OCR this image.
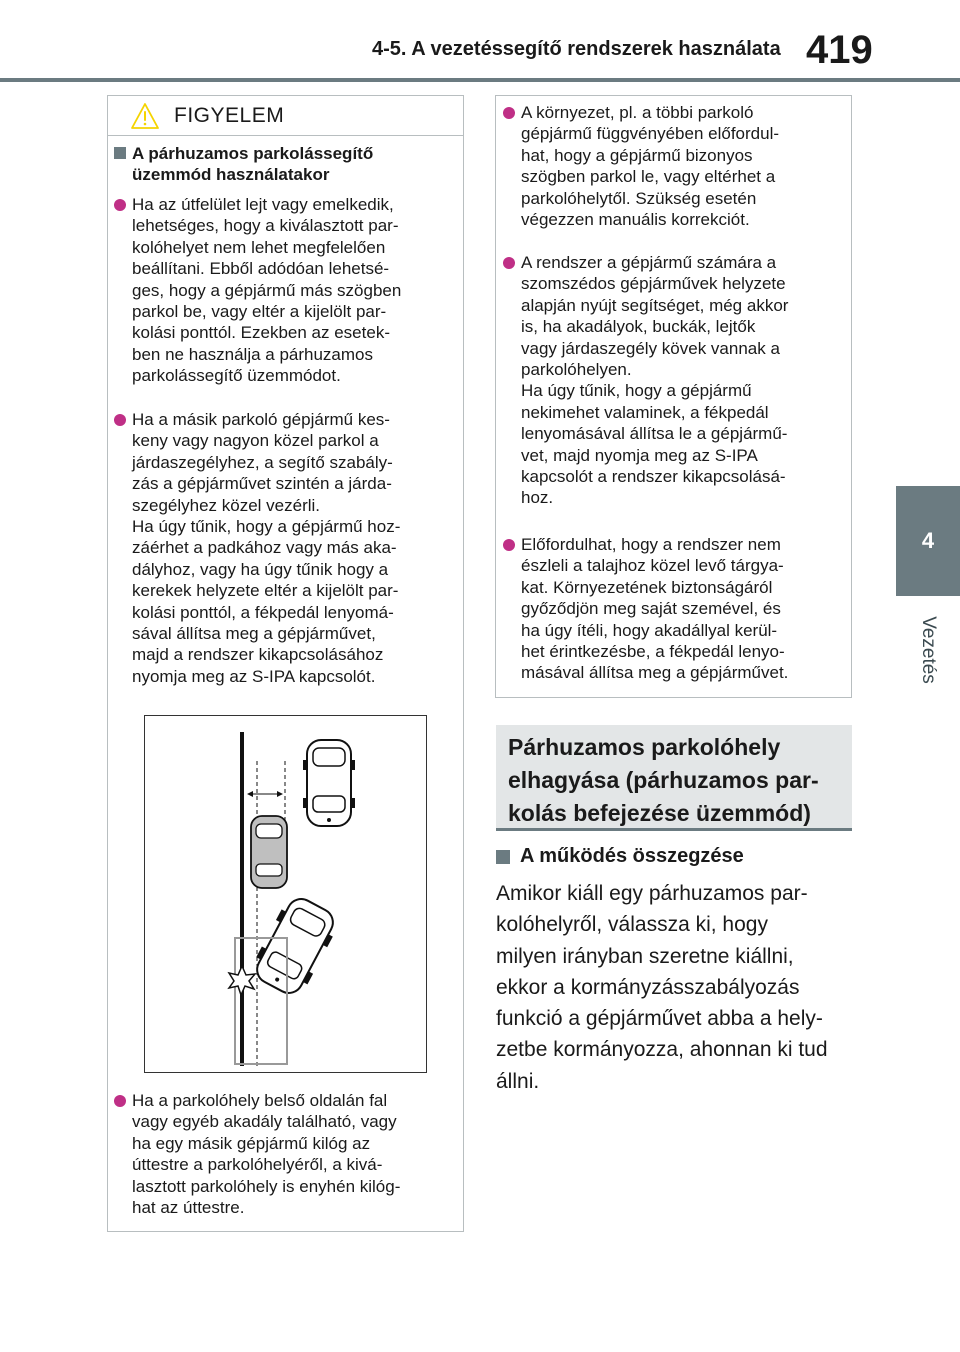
4-5. A vezetéssegítő rendszerek használata 419
4
Vezetés
FIGYELEM

A párhuzamos parkolássegítő
üzemmód használatakor

Ha az útfelület lejt vagy emelkedik,
lehetséges, hogy a kiválasztott par-
kolóhelyet nem lehet megfelelően
beállítani. Ebből adódóan lehetsé-
ges, hogy a gépjármű más szögben
parkol be, vagy eltér a kijelölt par-
kolási ponttól. Ezekben az esetek-
ben ne használja a párhuzamos
parkolássegítő üzemmódot.

Ha a másik parkoló gépjármű kes-
keny vagy nagyon közel parkol a
járdaszegélyhez, a segítő szabály-
zás a gépjárművet szintén a járda-
szegélyhez közel vezérli.
Ha úgy tűnik, hogy a gépjármű hoz-
záérhet a padkához vagy más aka-
dályhoz, vagy ha úgy tűnik hogy a
kerekek helyzete eltér a kijelölt par-
kolási ponttól, a fékpedál lenyomá-
sával állítsa meg a gépjárművet,
majd a rendszer kikapcsolásához
nyomja meg az S-IPA kapcsolót.

Ha a parkolóhely belső oldalán fal
vagy egyéb akadály található, vagy
ha egy másik gépjármű kilóg az
úttestre a parkolóhelyéről, a kivá-
lasztott parkolóhely is enyhén kilóg-
hat az úttestre.

A környezet, pl. a többi parkoló
gépjármű függvényében előfordul-
hat, hogy a gépjármű bizonyos
szögben parkol le, vagy eltérhet a
parkolóhelytől. Szükség esetén
végezzen manuális korrekciót.

A rendszer a gépjármű számára a
szomszédos gépjárművek helyzete
alapján nyújt segítséget, még akkor
is, ha akadályok, buckák, lejtők
vagy járdaszegély kövek vannak a
parkolóhelyen.
Ha úgy tűnik, hogy a gépjármű
nekimehet valaminek, a fékpedál
lenyomásával állítsa le a gépjármű-
vet, majd nyomja meg az S-IPA
kapcsolót a rendszer kikapcsolásá-
hoz.

Előfordulhat, hogy a rendszer nem
észleli a talajhoz közel levő tárgya-
kat. Környezetének biztonságáról
győződjön meg saját szemével, és
ha úgy ítéli, hogy akadállyal kerül-
het érintkezésbe, a fékpedál lenyo-
másával állítsa meg a gépjárművet.

Párhuzamos parkolóhely
elhagyása (párhuzamos par-
kolás befejezése üzemmód)
A működés összegzése
Amikor kiáll egy párhuzamos par-
kolóhelyről, válassza ki, hogy
milyen irányban szeretne kiállni,
ekkor a kormányzásszabályozás
funkció a gépjárművet abba a hely-
zetbe kormányozza, ahonnan ki tud
állni.
